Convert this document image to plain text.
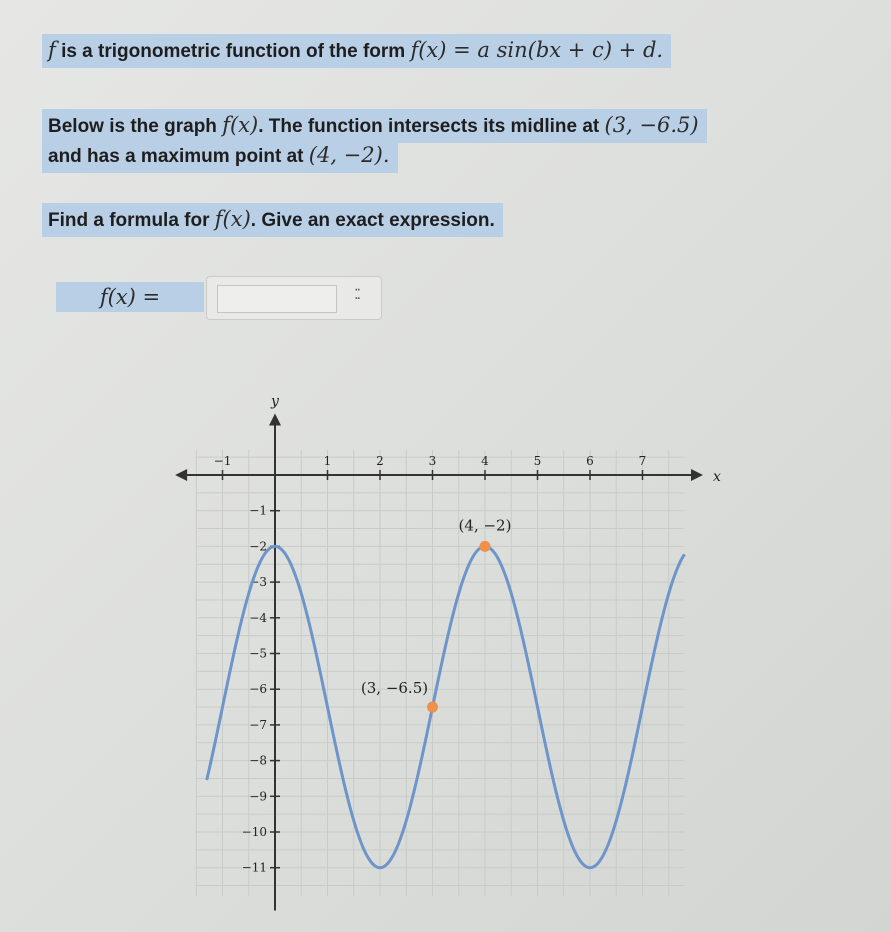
f is a trigonometric function of the form f(x) = a sin(bx + c) + d.
Below is the graph f(x). The function intersects its midline at (3, −6.5)
and has a maximum point at (4, −2).
Find a formula for f(x). Give an exact expression.
f(x) =	⁚⁚
x
y
−1	1	2	3	4	5	6	7
−1
−2
−3
−4
−5
−6
−7
−8
−9
−10
−11
(4, −2)
(3, −6.5)
